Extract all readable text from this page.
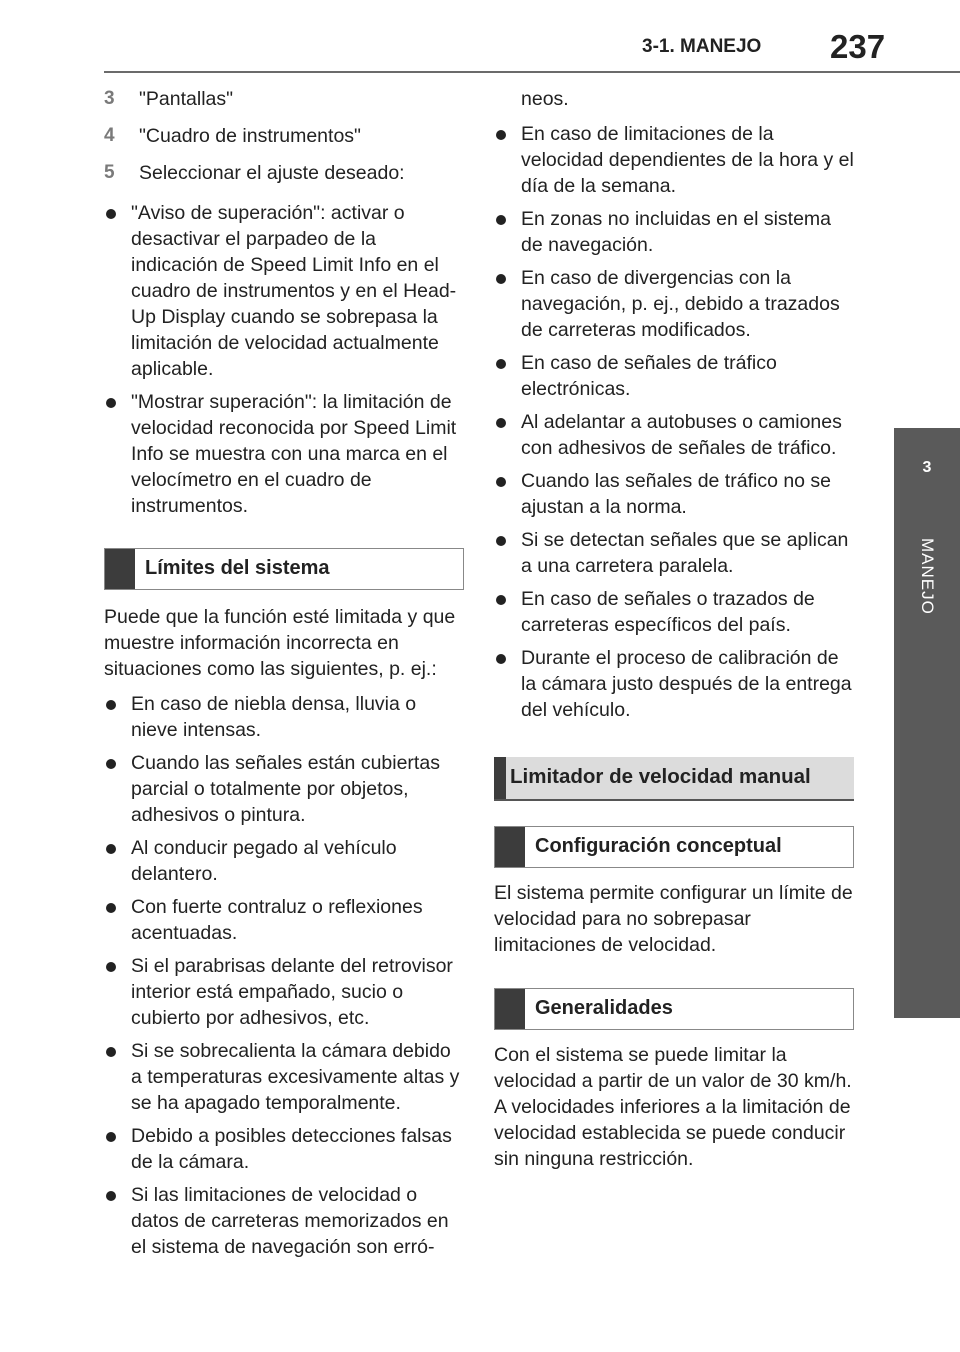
3-1. MANEJO 237
3
MANEJO
3	"Pantallas"
4	"Cuadro de instrumentos"
5	Seleccionar el ajuste deseado:
"Aviso de superación": activar o desactivar el parpadeo de la indicación de Speed Limit Info en el cuadro de instrumentos y en el Head-Up Display cuando se sobrepasa la limitación de velocidad actualmente aplicable.
"Mostrar superación": la limitación de velocidad reconocida por Speed Limit Info se muestra con una marca en el velocímetro en el cuadro de instrumentos.
Límites del sistema

Puede que la función esté limitada y que muestre información incorrecta en situaciones como las siguientes, p. ej.:

En caso de niebla densa, lluvia o nieve intensas.
Cuando las señales están cubiertas parcial o totalmente por objetos, adhesivos o pintura.
Al conducir pegado al vehículo delantero.
Con fuerte contraluz o reflexiones acentuadas.
Si el parabrisas delante del retrovisor interior está empañado, sucio o cubierto por adhesivos, etc.
Si se sobrecalienta la cámara debido a temperaturas excesivamente altas y se ha apagado temporalmente.
Debido a posibles detecciones falsas de la cámara.
Si las limitaciones de velocidad o datos de carreteras memorizados en el sistema de navegación son erró-

neos.

En caso de limitaciones de la velocidad dependientes de la hora y el día de la semana.
En zonas no incluidas en el sistema de navegación.
En caso de divergencias con la navegación, p. ej., debido a trazados de carreteras modificados.
En caso de señales de tráfico electrónicas.
Al adelantar a autobuses o camiones con adhesivos de señales de tráfico.
Cuando las señales de tráfico no se ajustan a la norma.
Si se detectan señales que se aplican a una carretera paralela.
En caso de señales o trazados de carreteras específicos del país.
Durante el proceso de calibración de la cámara justo después de la entrega del vehículo.
Limitador de velocidad manual
Configuración conceptual

El sistema permite configurar un límite de velocidad para no sobrepasar limitaciones de velocidad.

Generalidades

Con el sistema se puede limitar la velocidad a partir de un valor de 30 km/h. A velocidades inferiores a la limitación de velocidad establecida se puede conducir sin ninguna restricción.
